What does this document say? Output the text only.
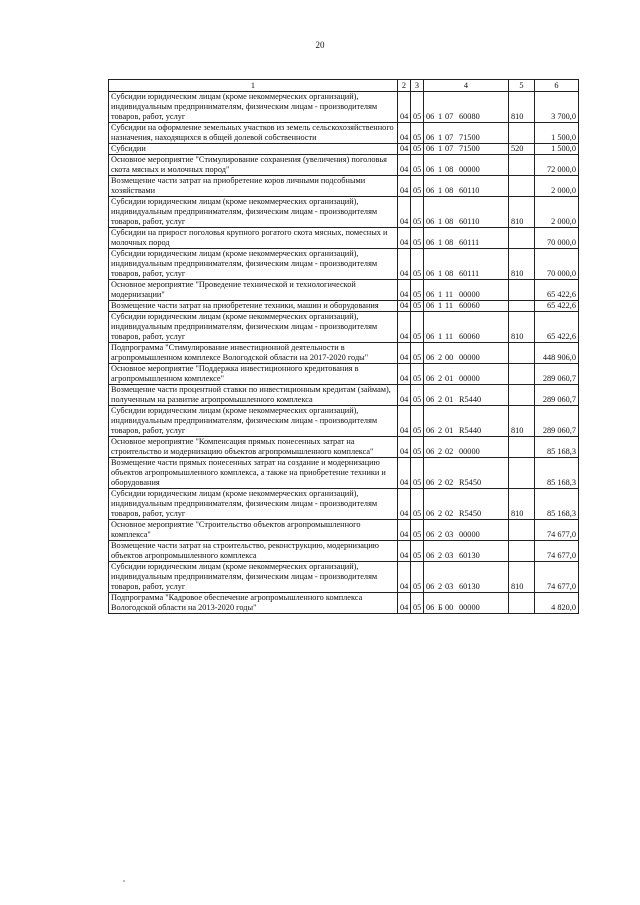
20
1	2	3	4	5	6
Субсидии юридическим лицам (кроме некоммерческих организаций), индивидуальным предпринимателям, физическим лицам - производителям товаров, работ, услуг	04	05	06 1 07 60080	810	3 700,0
Субсидии на оформление земельных участков из земель сельскохозяйственного назначения, находящихся в общей долевой собственности	04	05	06 1 07 71500		1 500,0
Субсидии	04	05	06 1 07 71500	520	1 500,0
Основное мероприятие "Стимулирование сохранения (увеличения) поголовья скота мясных и молочных пород"	04	05	06 1 08 00000		72 000,0
Возмещение части затрат на приобретение коров личными подсобными хозяйствами	04	05	06 1 08 60110		2 000,0
Субсидии юридическим лицам (кроме некоммерческих организаций), индивидуальным предпринимателям, физическим лицам - производителям товаров, работ, услуг	04	05	06 1 08 60110	810	2 000,0
Субсидии на прирост поголовья крупного рогатого скота мясных, помесных и молочных пород	04	05	06 1 08 60111		70 000,0
Субсидии юридическим лицам (кроме некоммерческих организаций), индивидуальным предпринимателям, физическим лицам - производителям товаров, работ, услуг	04	05	06 1 08 60111	810	70 000,0
Основное мероприятие "Проведение технической и технологической модернизации"	04	05	06 1 11 00000		65 422,6
Возмещение части затрат на приобретение техники, машин и оборудования	04	05	06 1 11 60060		65 422,6
Субсидии юридическим лицам (кроме некоммерческих организаций), индивидуальным предпринимателям, физическим лицам - производителям товаров, работ, услуг	04	05	06 1 11 60060	810	65 422,6
Подпрограмма "Стимулирование инвестиционной деятельности в агропромышленном комплексе Вологодской области на 2017-2020 годы"	04	05	06 2 00 00000		448 906,0
Основное мероприятие "Поддержка инвестиционного кредитования в агропромышленном комплексе"	04	05	06 2 01 00000		289 060,7
Возмещение части процентной ставки по инвестиционным кредитам (займам), полученным на развитие агропромышленного комплекса	04	05	06 2 01 R5440		289 060,7
Субсидии юридическим лицам (кроме некоммерческих организаций), индивидуальным предпринимателям, физическим лицам - производителям товаров, работ, услуг	04	05	06 2 01 R5440	810	289 060,7
Основное мероприятие "Компенсация прямых понесенных затрат на строительство и модернизацию объектов агропромышленного комплекса"	04	05	06 2 02 00000		85 168,3
Возмещение части прямых понесенных затрат на создание и модернизацию объектов агропромышленного комплекса, а также на приобретение техники и оборудования	04	05	06 2 02 R5450		85 168,3
Субсидии юридическим лицам (кроме некоммерческих организаций), индивидуальным предпринимателям, физическим лицам - производителям товаров, работ, услуг	04	05	06 2 02 R5450	810	85 168,3
Основное мероприятие "Строительство объектов агропромышленного комплекса"	04	05	06 2 03 00000		74 677,0
Возмещение части затрат на строительство, реконструкцию, модернизацию объектов агропромышленного комплекса	04	05	06 2 03 60130		74 677,0
Субсидии юридическим лицам (кроме некоммерческих организаций), индивидуальным предпринимателям, физическим лицам - производителям товаров, работ, услуг	04	05	06 2 03 60130	810	74 677,0
Подпрограмма "Кадровое обеспечение агропромышленного комплекса Вологодской области на 2013-2020 годы"	04	05	06 Б 00 00000		4 820,0
